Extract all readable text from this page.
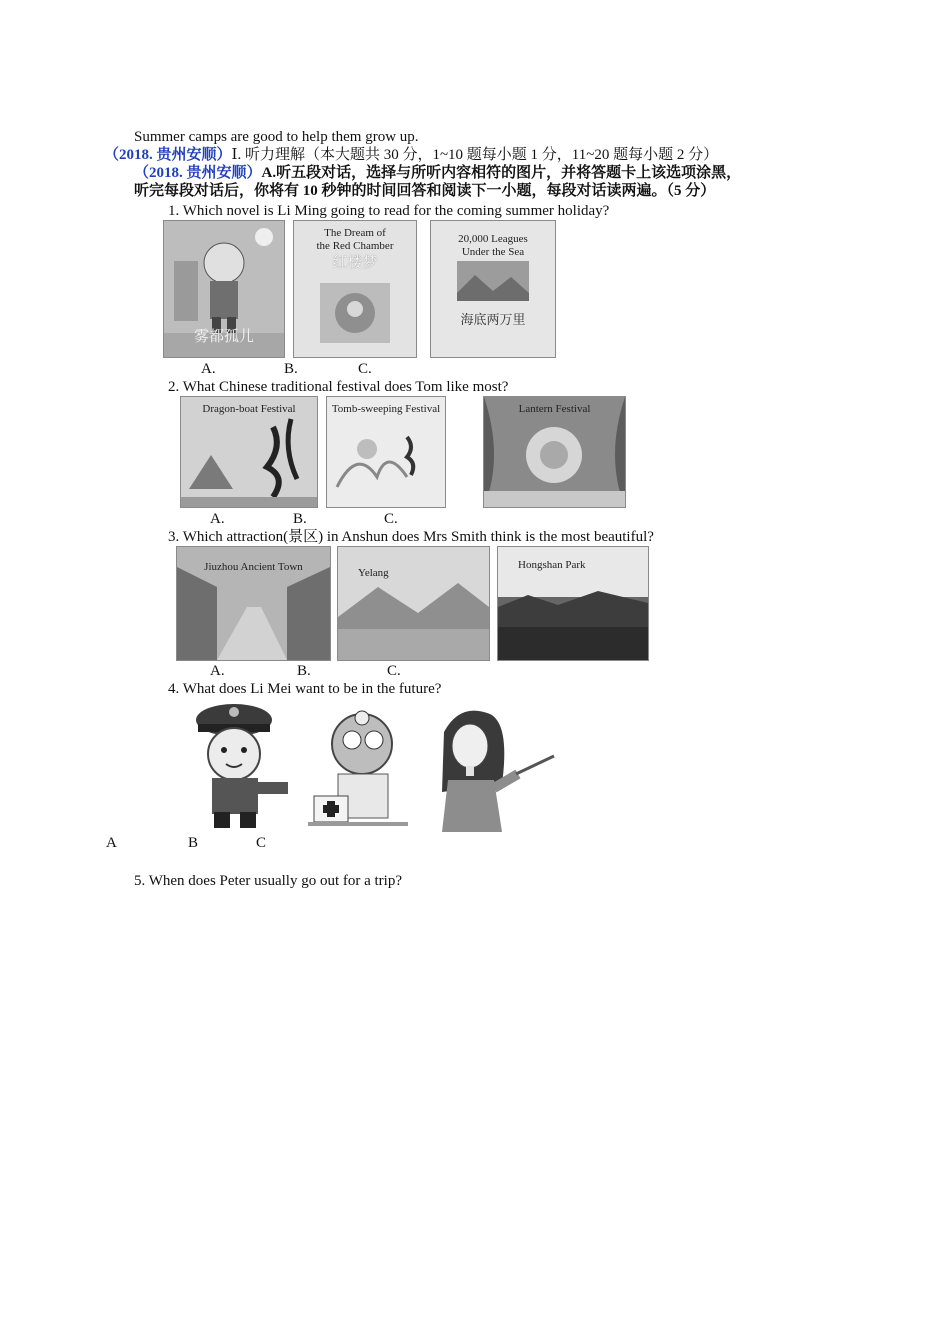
Summer camps are good to help them grow up.
（2018. 贵州安顺）Ⅰ. 听力理解（本大题共 30 分，1~10 题每小题 1 分，11~20 题每小题 2 分）
（2018. 贵州安顺）A.听五段对话，选择与所听内容相符的图片，并将答题卡上该选项涂黑，
听完每段对话后，你将有 10 秒钟的时间回答和阅读下一小题，每段对话读两遍。（5 分）
1. Which novel is Li Ming going to read for the coming summer holiday?
雾都孤儿
The Dream of
the Red Chamber
红楼梦
20,000 Leagues
Under the Sea
海底两万里
A.	B.	C.
2. What Chinese traditional festival does Tom like most?
Dragon-boat Festival	Tomb-sweeping Festival	Lantern Festival
A.	B.	C.
3. Which attraction(景区) in Anshun does Mrs Smith think is the most beautiful?
Jiuzhou Ancient Town	Yelang
Hongshan Park
A.	B.	C.
4. What does Li Mei want to be in the future?
A	B	C
5. When does Peter usually go out for a trip?
